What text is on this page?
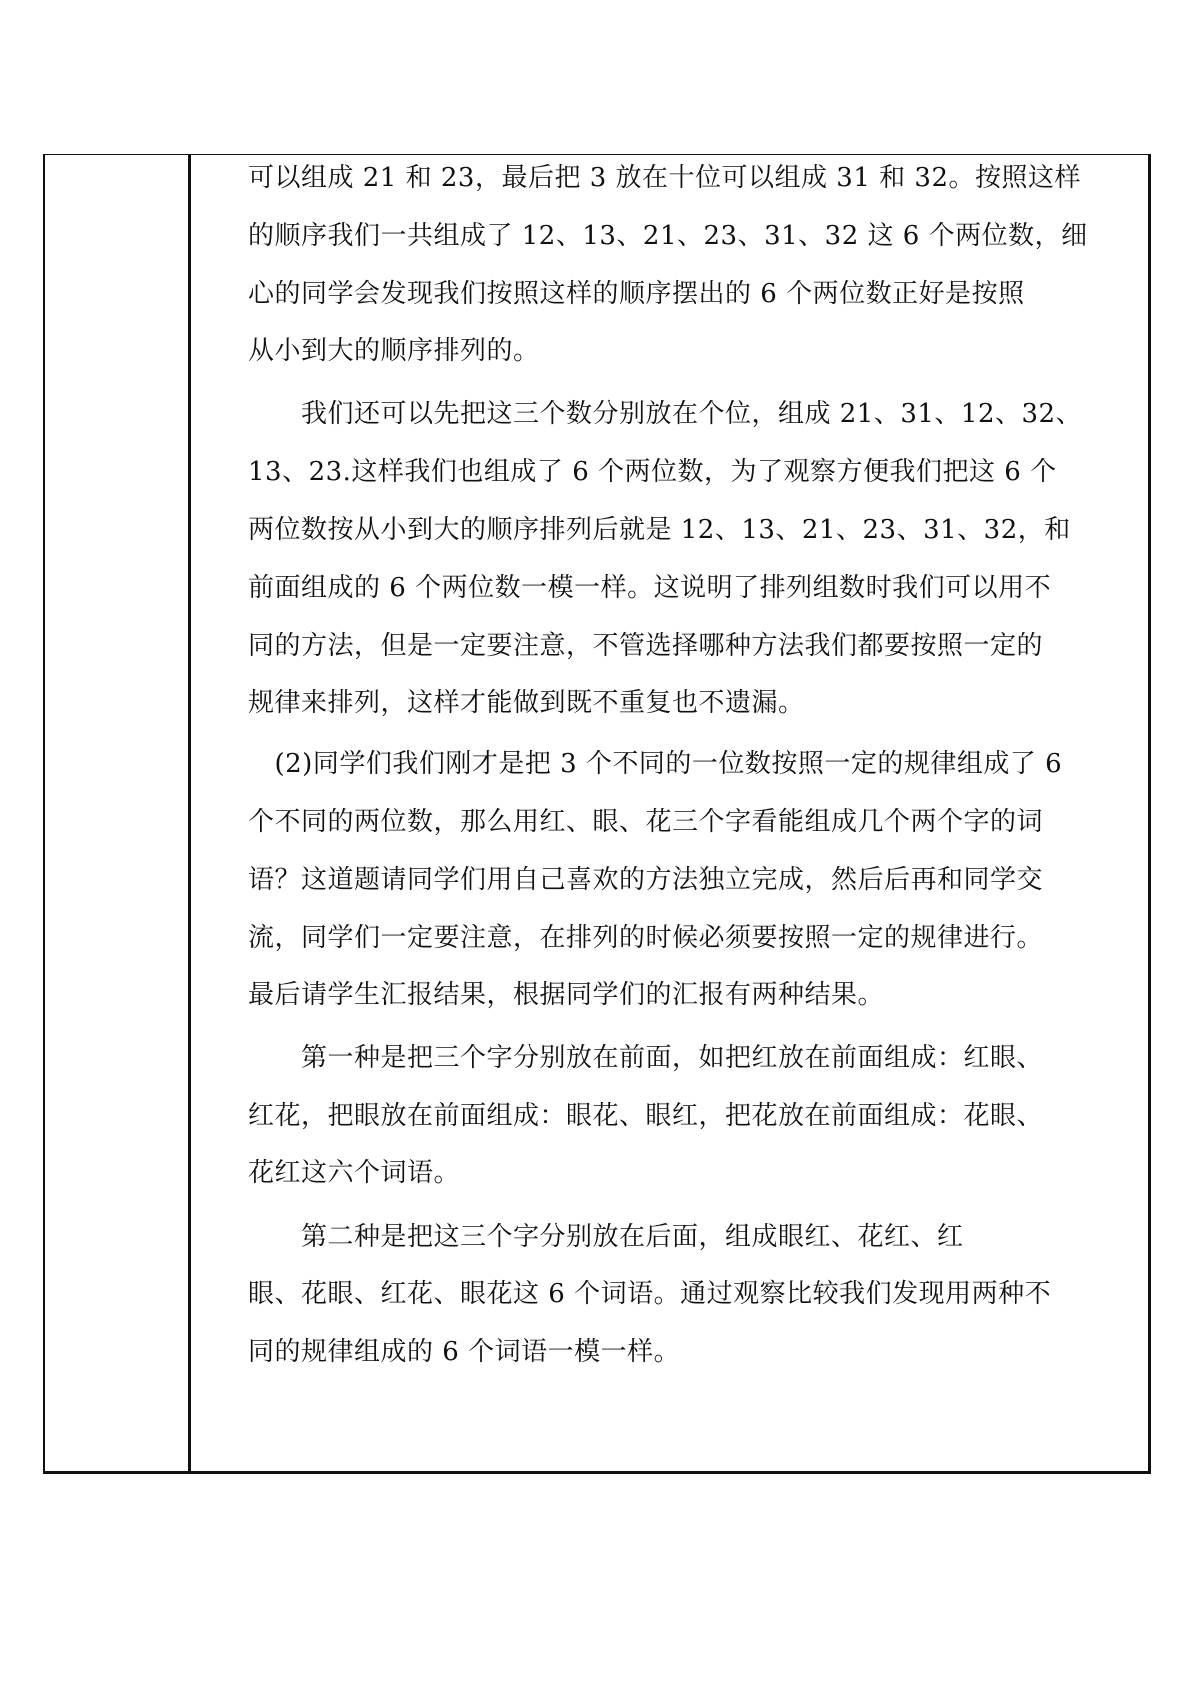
可以组成 21 和 23，最后把 3 放在十位可以组成 31 和 32。按照这样
的顺序我们一共组成了 12、13、21、23、31、32 这 6 个两位数，细
心的同学会发现我们按照这样的顺序摆出的 6 个两位数正好是按照
从小到大的顺序排列的。
　　我们还可以先把这三个数分别放在个位，组成 21、31、12、32、
13、23.这样我们也组成了 6 个两位数，为了观察方便我们把这 6 个
两位数按从小到大的顺序排列后就是 12、13、21、23、31、32，和
前面组成的 6 个两位数一模一样。这说明了排列组数时我们可以用不
同的方法，但是一定要注意，不管选择哪种方法我们都要按照一定的
规律来排列，这样才能做到既不重复也不遗漏。
　(2)同学们我们刚才是把 3 个不同的一位数按照一定的规律组成了 6
个不同的两位数，那么用红、眼、花三个字看能组成几个两个字的词
语？这道题请同学们用自己喜欢的方法独立完成，然后后再和同学交
流，同学们一定要注意，在排列的时候必须要按照一定的规律进行。
最后请学生汇报结果，根据同学们的汇报有两种结果。
　　第一种是把三个字分别放在前面，如把红放在前面组成：红眼、
红花，把眼放在前面组成：眼花、眼红，把花放在前面组成：花眼、
花红这六个词语。
　　第二种是把这三个字分别放在后面，组成眼红、花红、红
眼、花眼、红花、眼花这 6 个词语。通过观察比较我们发现用两种不
同的规律组成的 6 个词语一模一样。
